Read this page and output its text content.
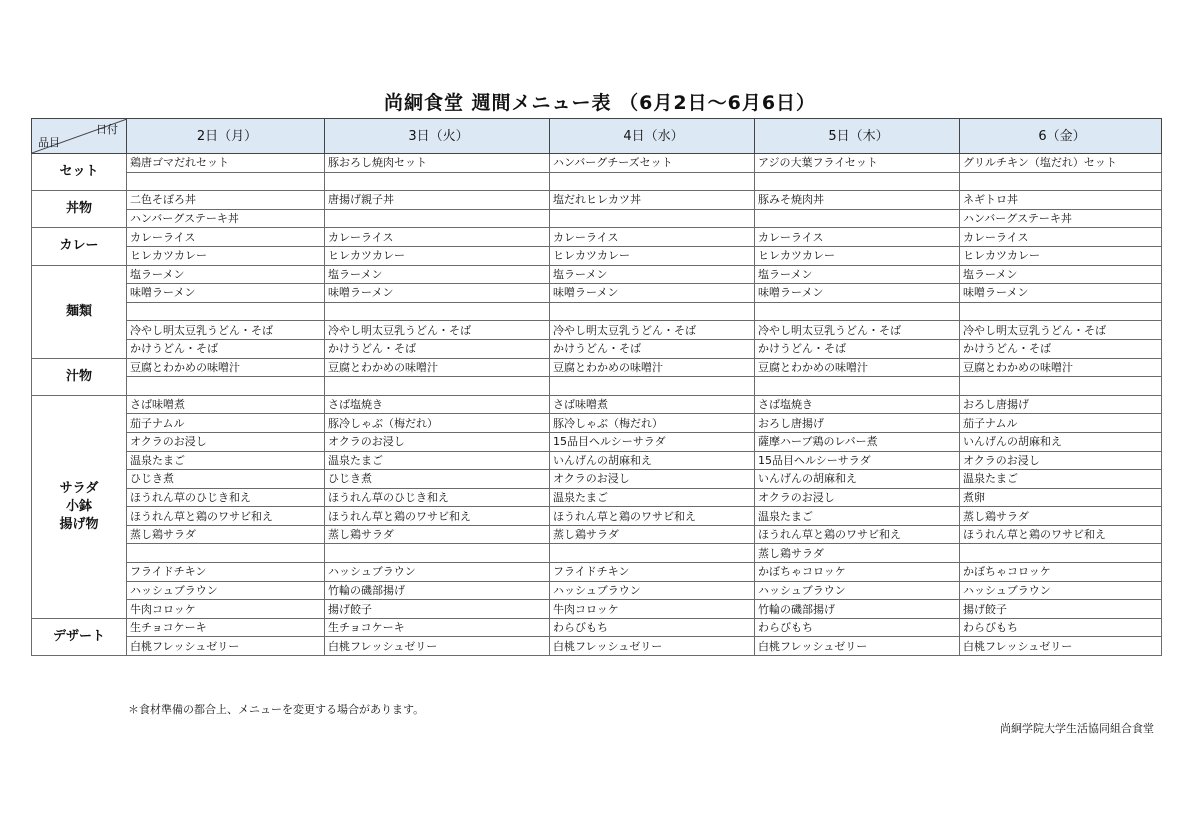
尚絅食堂 週間メニュー表 （6月2日～6月6日）
日付
品目	2日（月）	3日（火）	4日（水）	5日（木）	6（金）
セット	鶏唐ゴマだれセット	豚おろし焼肉セット	ハンバーグチーズセット	アジの大葉フライセット	グリルチキン（塩だれ）セット

丼物	二色そぼろ丼	唐揚げ親子丼	塩だれヒレカツ丼	豚みそ焼肉丼	ネギトロ丼
	ハンバーグステーキ丼				ハンバーグステーキ丼
カレー	カレーライス	カレーライス	カレーライス	カレーライス	カレーライス
	ヒレカツカレー	ヒレカツカレー	ヒレカツカレー	ヒレカツカレー	ヒレカツカレー
麺類	塩ラーメン	塩ラーメン	塩ラーメン	塩ラーメン	塩ラーメン
	味噌ラーメン	味噌ラーメン	味噌ラーメン	味噌ラーメン	味噌ラーメン

	冷やし明太豆乳うどん・そば	冷やし明太豆乳うどん・そば	冷やし明太豆乳うどん・そば	冷やし明太豆乳うどん・そば	冷やし明太豆乳うどん・そば
	かけうどん・そば	かけうどん・そば	かけうどん・そば	かけうどん・そば	かけうどん・そば
汁物	豆腐とわかめの味噌汁	豆腐とわかめの味噌汁	豆腐とわかめの味噌汁	豆腐とわかめの味噌汁	豆腐とわかめの味噌汁

サラダ
小鉢
揚げ物	さば味噌煮	さば塩焼き	さば味噌煮	さば塩焼き	おろし唐揚げ
	茄子ナムル	豚冷しゃぶ（梅だれ）	豚冷しゃぶ（梅だれ）	おろし唐揚げ	茄子ナムル
	オクラのお浸し	オクラのお浸し	15品目ヘルシーサラダ	薩摩ハーブ鶏のレバー煮	いんげんの胡麻和え
	温泉たまご	温泉たまご	いんげんの胡麻和え	15品目ヘルシーサラダ	オクラのお浸し
	ひじき煮	ひじき煮	オクラのお浸し	いんげんの胡麻和え	温泉たまご
	ほうれん草のひじき和え	ほうれん草のひじき和え	温泉たまご	オクラのお浸し	煮卵
	ほうれん草と鶏のワサビ和え	ほうれん草と鶏のワサビ和え	ほうれん草と鶏のワサビ和え	温泉たまご	蒸し鶏サラダ
	蒸し鶏サラダ	蒸し鶏サラダ	蒸し鶏サラダ	ほうれん草と鶏のワサビ和え	ほうれん草と鶏のワサビ和え
				蒸し鶏サラダ	
	フライドチキン	ハッシュブラウン	フライドチキン	かぼちゃコロッケ	かぼちゃコロッケ
	ハッシュブラウン	竹輪の磯部揚げ	ハッシュブラウン	ハッシュブラウン	ハッシュブラウン
	牛肉コロッケ	揚げ餃子	牛肉コロッケ	竹輪の磯部揚げ	揚げ餃子
デザート	生チョコケーキ	生チョコケーキ	わらびもち	わらびもち	わらびもち
	白桃フレッシュゼリー	白桃フレッシュゼリー	白桃フレッシュゼリー	白桃フレッシュゼリー	白桃フレッシュゼリー
＊食材準備の都合上、メニューを変更する場合があります。
尚絅学院大学生活協同組合食堂
